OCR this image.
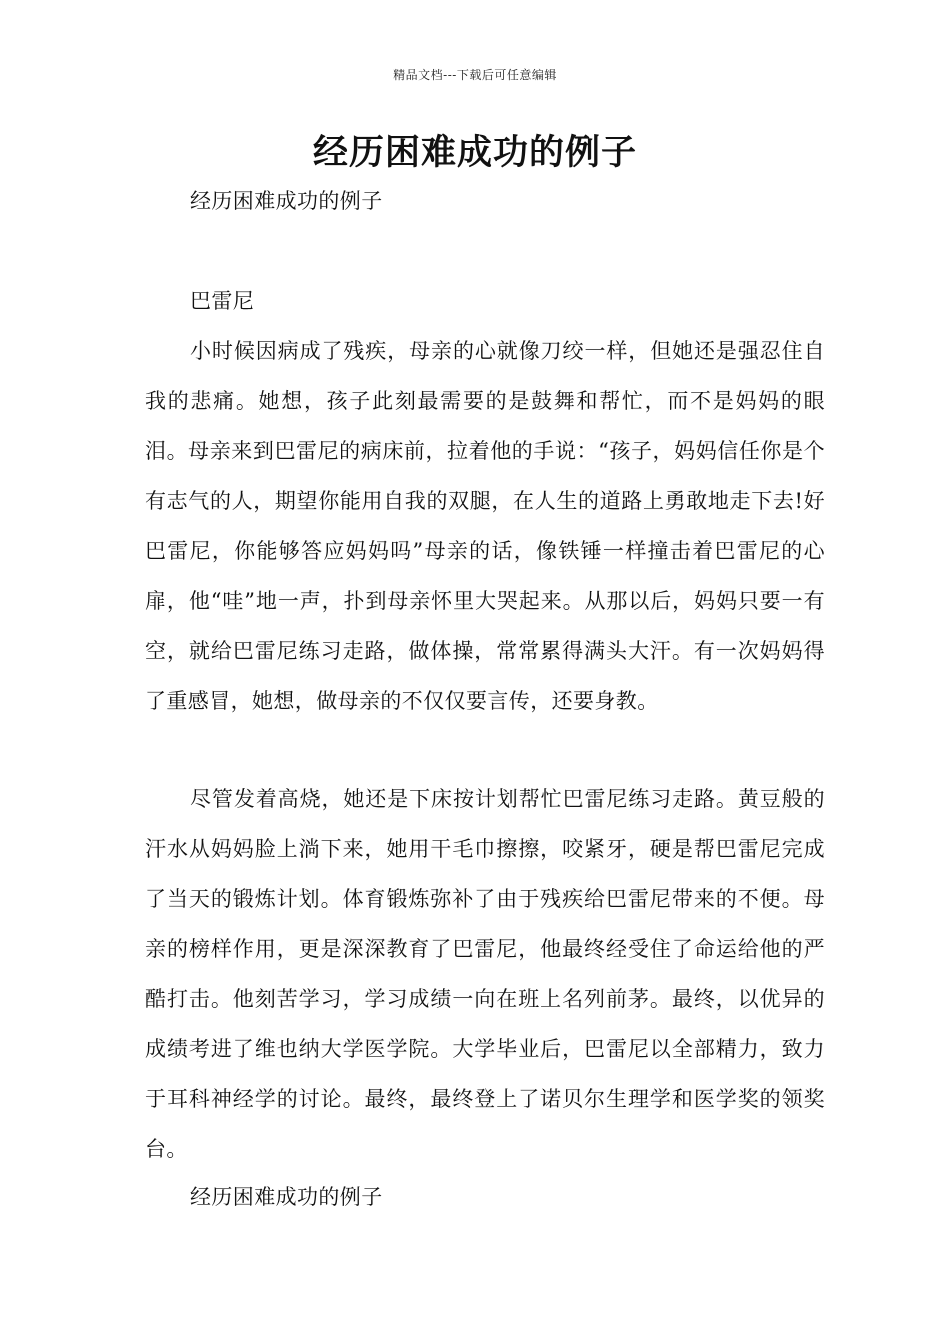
精品文档---下载后可任意编辑
经历困难成功的例子

经历困难成功的例子

巴雷尼

小时候因病成了残疾，母亲的心就像刀绞一样，但她还是强忍住自我的悲痛。她想，孩子此刻最需要的是鼓舞和帮忙，而不是妈妈的眼泪。母亲来到巴雷尼的病床前，拉着他的手说：“孩子，妈妈信任你是个有志气的人，期望你能用自我的双腿，在人生的道路上勇敢地走下去!好巴雷尼，你能够答应妈妈吗”母亲的话，像铁锤一样撞击着巴雷尼的心扉，他“哇”地一声，扑到母亲怀里大哭起来。从那以后，妈妈只要一有空，就给巴雷尼练习走路，做体操，常常累得满头大汗。有一次妈妈得了重感冒，她想，做母亲的不仅仅要言传，还要身教。

尽管发着高烧，她还是下床按计划帮忙巴雷尼练习走路。黄豆般的汗水从妈妈脸上淌下来，她用干毛巾擦擦，咬紧牙，硬是帮巴雷尼完成了当天的锻炼计划。体育锻炼弥补了由于残疾给巴雷尼带来的不便。母亲的榜样作用，更是深深教育了巴雷尼，他最终经受住了命运给他的严酷打击。他刻苦学习，学习成绩一向在班上名列前茅。最终，以优异的成绩考进了维也纳大学医学院。大学毕业后，巴雷尼以全部精力，致力于耳科神经学的讨论。最终，最终登上了诺贝尔生理学和医学奖的领奖台。

经历困难成功的例子
